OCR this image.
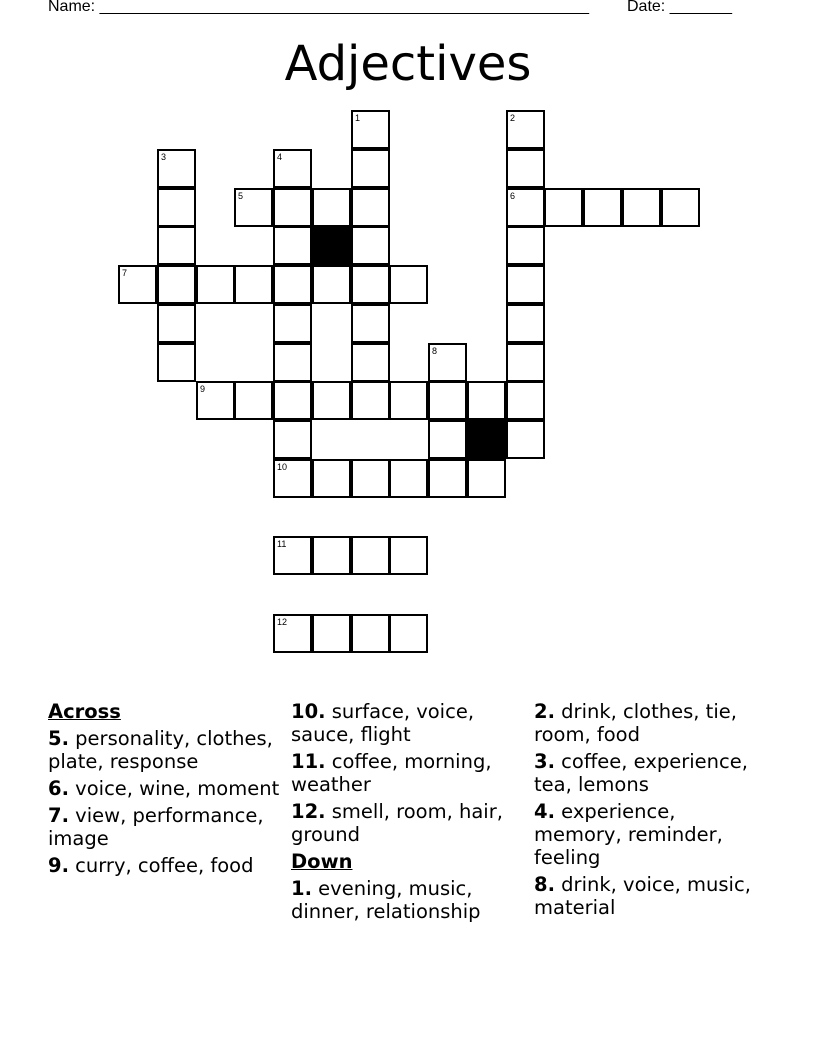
Name: _______________________________________________________ Date: _______
Adjectives
5	6
7
9
10
11
12
1	2
3	4
8
Across
5. personality, clothes, plate, response
6. voice, wine, moment
7. view, performance, image
9. curry, coffee, food
10. surface, voice, sauce, flight
11. coffee, morning, weather
12. smell, room, hair, ground
Down
1. evening, music, dinner, relationship
2. drink, clothes, tie, room, food
3. coffee, experience, tea, lemons
4. experience, memory, reminder, feeling
8. drink, voice, music, material
